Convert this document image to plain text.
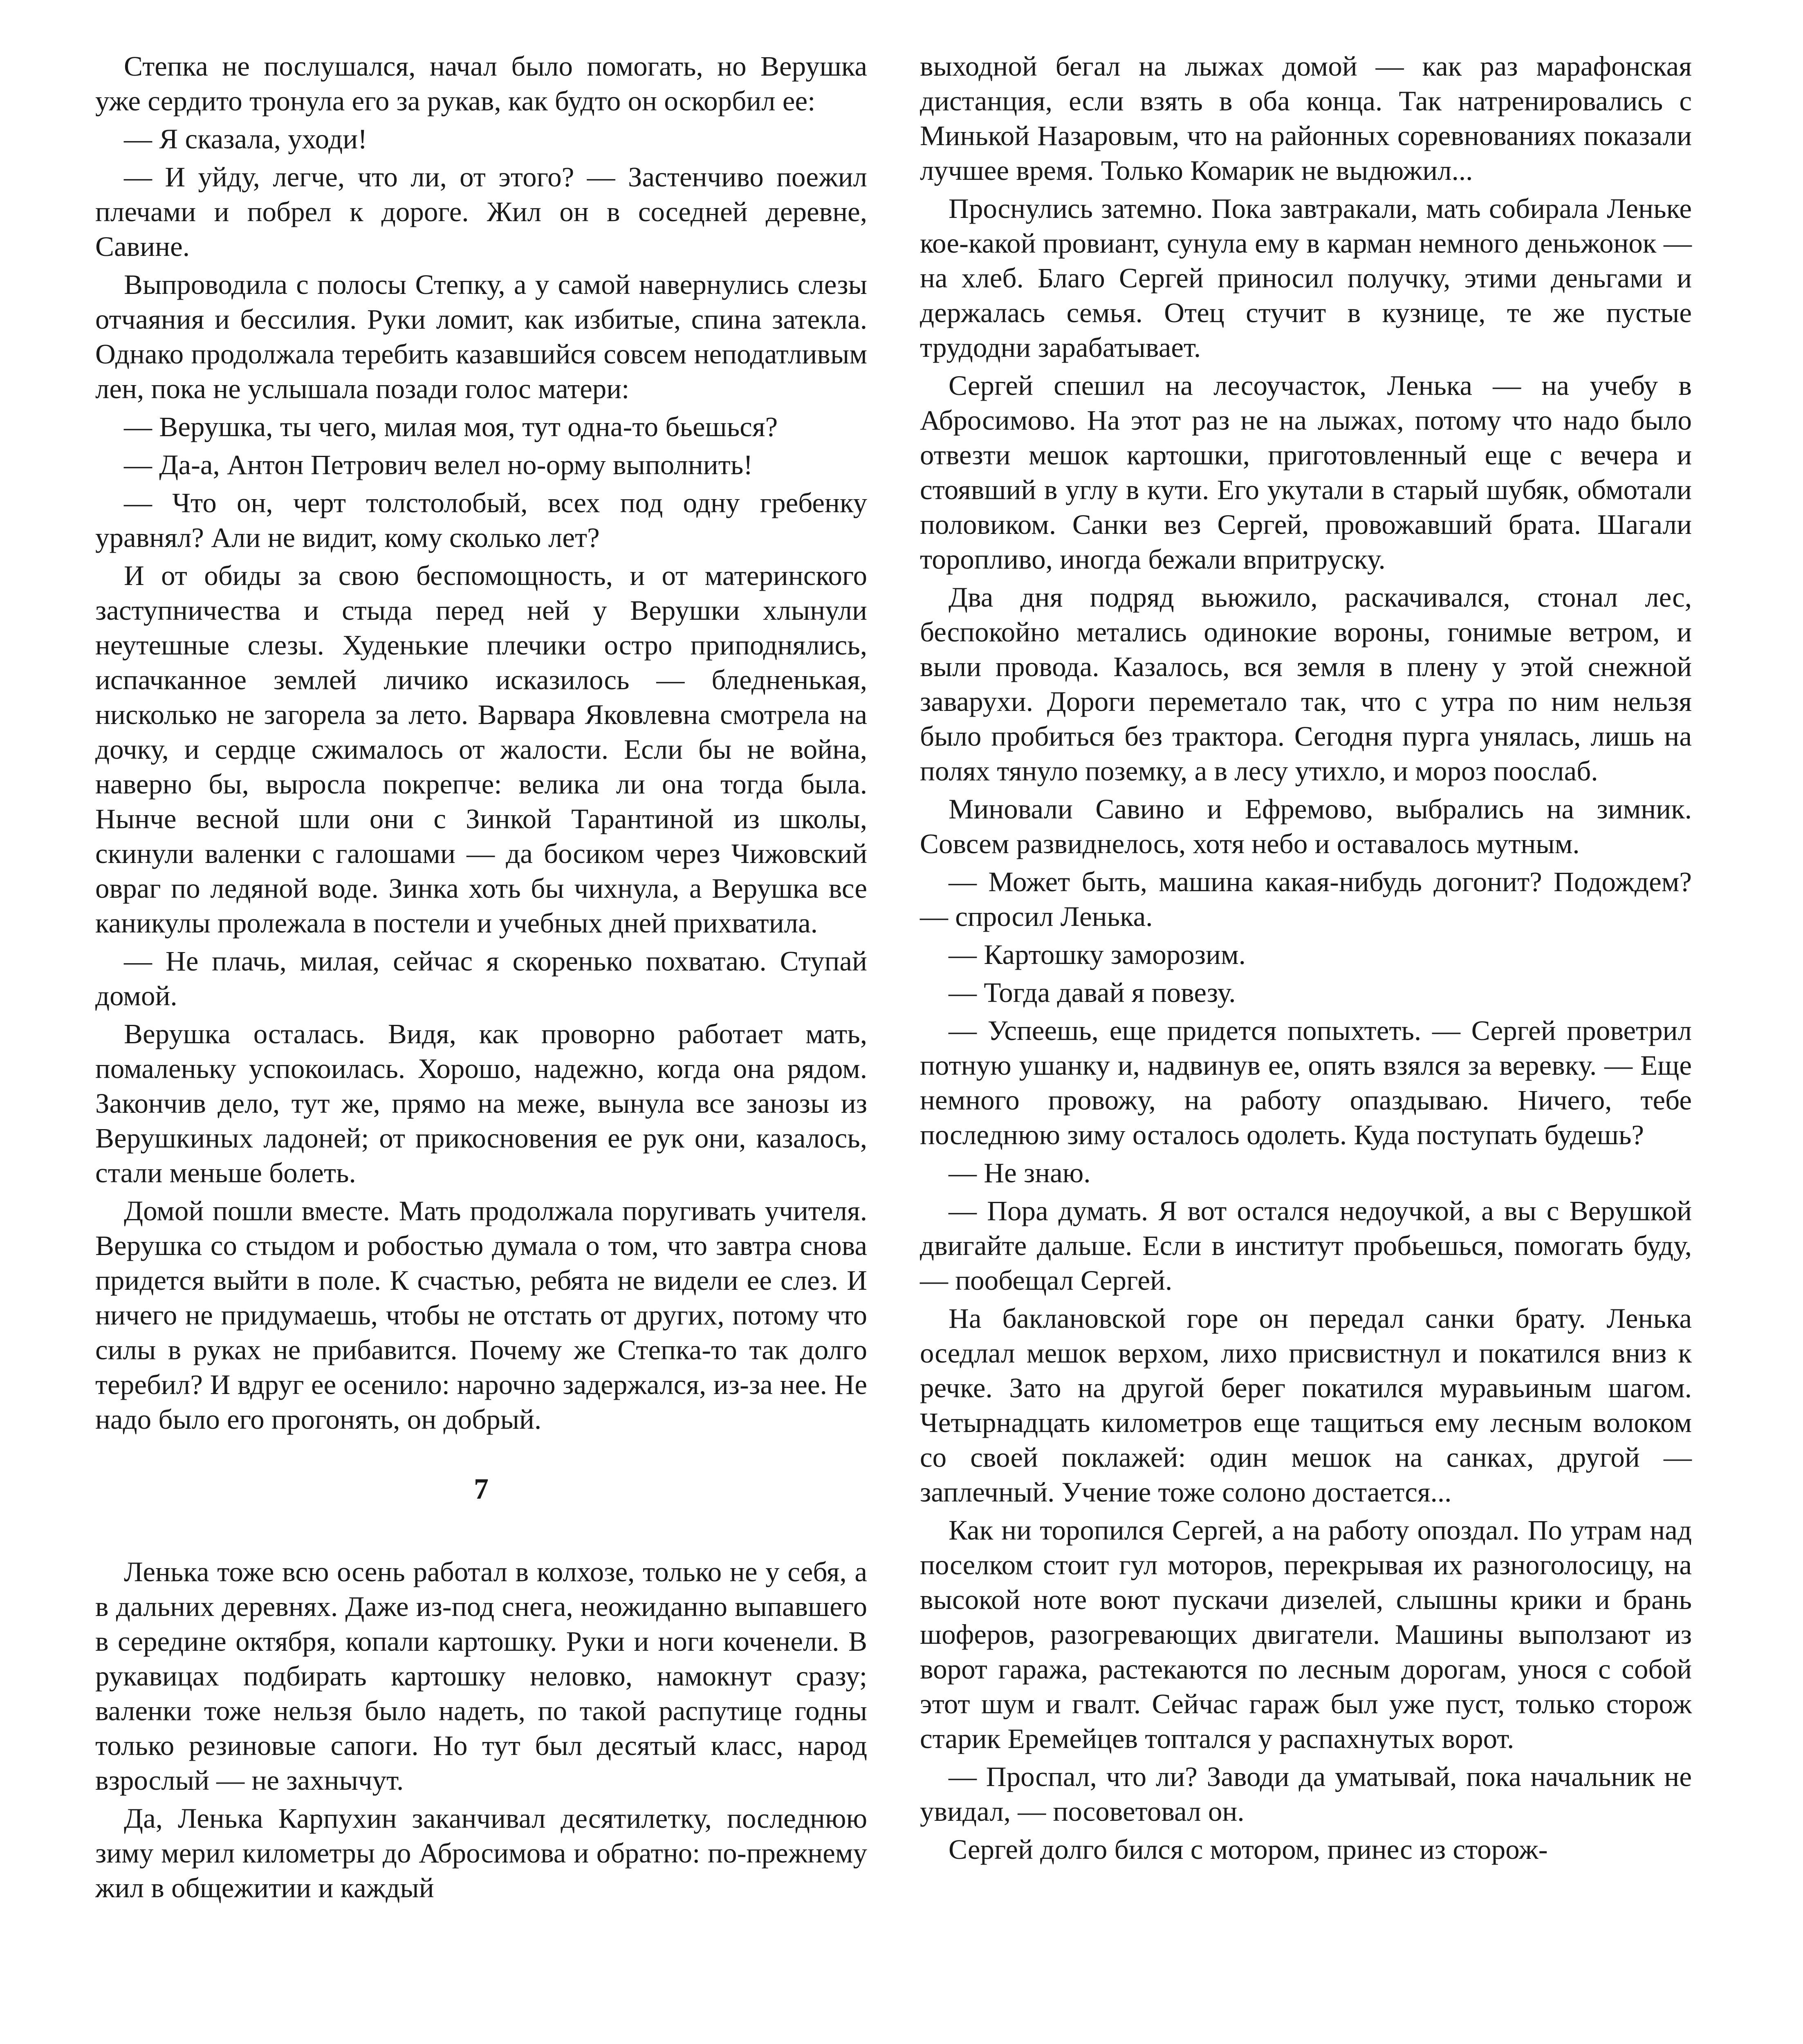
Степка не послушался, начал было помогать, но Верушка уже сердито тронула его за рукав, как будто он оскорбил ее:

— Я сказала, уходи!

— И уйду, легче, что ли, от этого? — Застенчиво поежил плечами и побрел к дороге. Жил он в соседней деревне, Савине.

Выпроводила с полосы Степку, а у самой навернулись слезы отчаяния и бессилия. Руки ломит, как избитые, спина затекла. Однако продолжала теребить казавшийся совсем неподатливым лен, пока не услышала позади голос матери:

— Верушка, ты чего, милая моя, тут одна-то бьешься?

— Да-а, Антон Петрович велел но-орму выполнить!

— Что он, черт толстолобый, всех под одну гребенку уравнял? Али не видит, кому сколько лет?

И от обиды за свою беспомощность, и от материнского заступничества и стыда перед ней у Верушки хлынули неутешные слезы. Худенькие плечики остро приподнялись, испачканное землей личико исказилось — бледненькая, нисколько не загорела за лето. Варвара Яковлевна смотрела на дочку, и сердце сжималось от жалости. Если бы не война, наверно бы, выросла покрепче: велика ли она тогда была. Нынче весной шли они с Зинкой Тарантиной из школы, скинули валенки с галошами — да босиком через Чижовский овраг по ледяной воде. Зинка хоть бы чихнула, а Верушка все каникулы пролежала в постели и учебных дней прихватила.

— Не плачь, милая, сейчас я скоренько похватаю. Ступай домой.

Верушка осталась. Видя, как проворно работает мать, помаленьку успокоилась. Хорошо, надежно, когда она рядом. Закончив дело, тут же, прямо на меже, вынула все занозы из Верушкиных ладоней; от прикосновения ее рук они, казалось, стали меньше болеть.

Домой пошли вместе. Мать продолжала поругивать учителя. Верушка со стыдом и робостью думала о том, что завтра снова придется выйти в поле. К счастью, ребята не видели ее слез. И ничего не придумаешь, чтобы не отстать от других, потому что силы в руках не прибавится. Почему же Степка-то так долго теребил? И вдруг ее осенило: нарочно задержался, из-за нее. Не надо было его прогонять, он добрый.

7

Ленька тоже всю осень работал в колхозе, только не у себя, а в дальних деревнях. Даже из-под снега, неожиданно выпавшего в середине октября, копали картошку. Руки и ноги коченели. В рукавицах подбирать картошку неловко, намокнут сразу; валенки тоже нельзя было надеть, по такой распутице годны только резиновые сапоги. Но тут был десятый класс, народ взрослый — не захнычут.

Да, Ленька Карпухин заканчивал десятилетку, последнюю зиму мерил километры до Абросимова и обратно: по-прежнему жил в общежитии и каждый

выходной бегал на лыжах домой — как раз марафонская дистанция, если взять в оба конца. Так натренировались с Минькой Назаровым, что на районных соревнованиях показали лучшее время. Только Комарик не выдюжил...

Проснулись затемно. Пока завтракали, мать собирала Леньке кое-какой провиант, сунула ему в карман немного деньжонок — на хлеб. Благо Сергей приносил получку, этими деньгами и держалась семья. Отец стучит в кузнице, те же пустые трудодни зарабатывает.

Сергей спешил на лесоучасток, Ленька — на учебу в Абросимово. На этот раз не на лыжах, потому что надо было отвезти мешок картошки, приготовленный еще с вечера и стоявший в углу в кути. Его укутали в старый шубяк, обмотали половиком. Санки вез Сергей, провожавший брата. Шагали торопливо, иногда бежали впритруску.

Два дня подряд вьюжило, раскачивался, стонал лес, беспокойно метались одинокие вороны, гонимые ветром, и выли провода. Казалось, вся земля в плену у этой снежной заварухи. Дороги переметало так, что с утра по ним нельзя было пробиться без трактора. Сегодня пурга унялась, лишь на полях тянуло поземку, а в лесу утихло, и мороз поослаб.

Миновали Савино и Ефремово, выбрались на зимник. Совсем развиднелось, хотя небо и оставалось мутным.

— Может быть, машина какая-нибудь догонит? Подождем? — спросил Ленька.

— Картошку заморозим.

— Тогда давай я повезу.

— Успеешь, еще придется попыхтеть. — Сергей проветрил потную ушанку и, надвинув ее, опять взялся за веревку. — Еще немного провожу, на работу опаздываю. Ничего, тебе последнюю зиму осталось одолеть. Куда поступать будешь?

— Не знаю.

— Пора думать. Я вот остался недоучкой, а вы с Верушкой двигайте дальше. Если в институт пробьешься, помогать буду, — пообещал Сергей.

На баклановской горе он передал санки брату. Ленька оседлал мешок верхом, лихо присвистнул и покатился вниз к речке. Зато на другой берег покатился муравьиным шагом. Четырнадцать километров еще тащиться ему лесным волоком со своей поклажей: один мешок на санках, другой — заплечный. Учение тоже солоно достается...

Как ни торопился Сергей, а на работу опоздал. По утрам над поселком стоит гул моторов, перекрывая их разноголосицу, на высокой ноте воют пускачи дизелей, слышны крики и брань шоферов, разогревающих двигатели. Машины выползают из ворот гаража, растекаются по лесным дорогам, унося с собой этот шум и гвалт. Сейчас гараж был уже пуст, только сторож старик Еремейцев топтался у распахнутых ворот.

— Проспал, что ли? Заводи да уматывай, пока начальник не увидал, — посоветовал он.

Сергей долго бился с мотором, принес из сторож-
